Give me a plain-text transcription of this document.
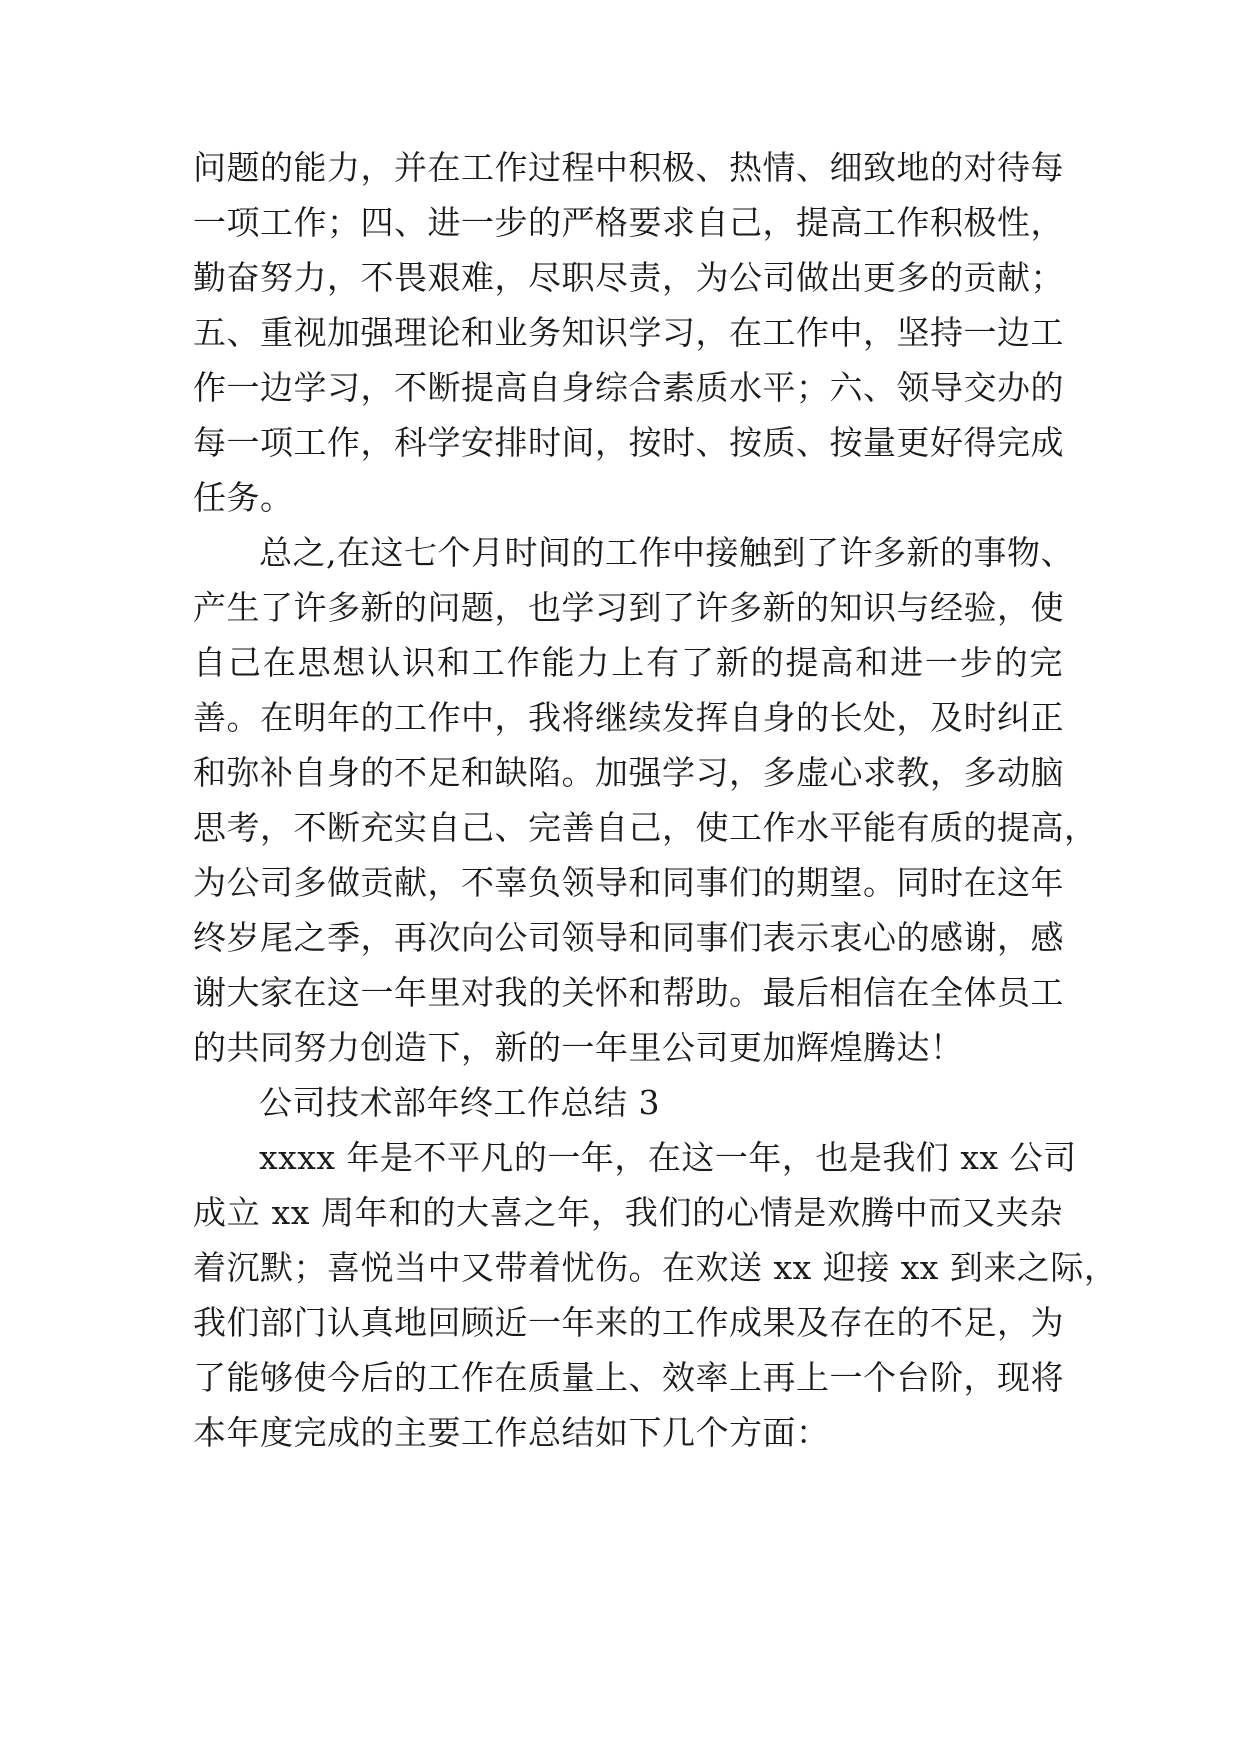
问题的能力，并在工作过程中积极、热情、细致地的对待每
一项工作；四、进一步的严格要求自己，提高工作积极性，
勤奋努力，不畏艰难，尽职尽责，为公司做出更多的贡献；
五、重视加强理论和业务知识学习，在工作中，坚持一边工
作一边学习，不断提高自身综合素质水平；六、领导交办的
每一项工作，科学安排时间，按时、按质、按量更好得完成
任务。
总之,在这七个月时间的工作中接触到了许多新的事物、
产生了许多新的问题，也学习到了许多新的知识与经验，使
自己在思想认识和工作能力上有了新的提高和进一步的完
善。在明年的工作中，我将继续发挥自身的长处，及时纠正
和弥补自身的不足和缺陷。加强学习，多虚心求教，多动脑
思考，不断充实自己、完善自己，使工作水平能有质的提高，
为公司多做贡献，不辜负领导和同事们的期望。同时在这年
终岁尾之季，再次向公司领导和同事们表示衷心的感谢，感
谢大家在这一年里对我的关怀和帮助。最后相信在全体员工
的共同努力创造下，新的一年里公司更加辉煌腾达！
公司技术部年终工作总结 3
xxxx 年是不平凡的一年，在这一年，也是我们 xx 公司
成立 xx 周年和的大喜之年，我们的心情是欢腾中而又夹杂
着沉默；喜悦当中又带着忧伤。在欢送 xx 迎接 xx 到来之际，
我们部门认真地回顾近一年来的工作成果及存在的不足，为
了能够使今后的工作在质量上、效率上再上一个台阶，现将
本年度完成的主要工作总结如下几个方面：
